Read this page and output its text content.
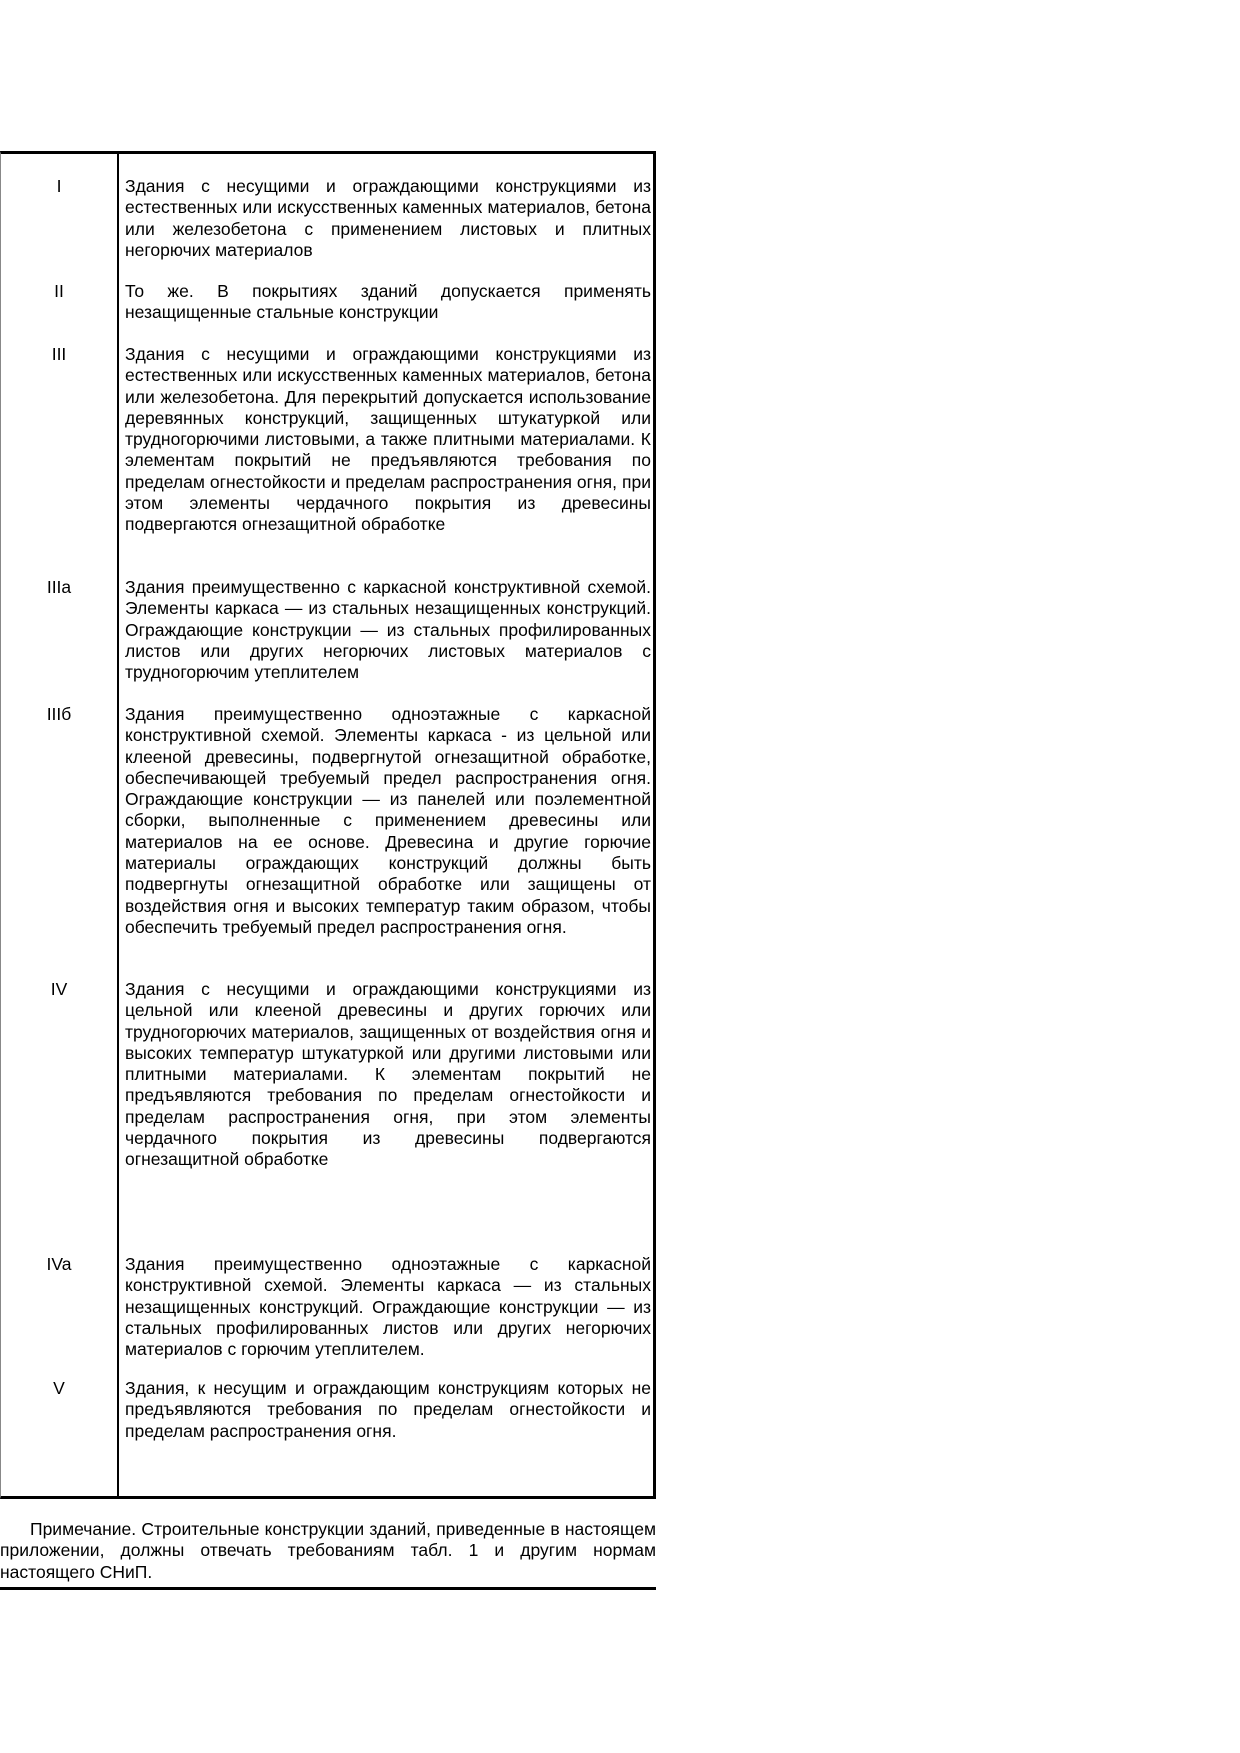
I	Здания с несущими и ограждающими конструкциями из естественных или искусственных каменных материалов, бетона или железобетона с применением листовых и плитных негорючих материалов
II	То же. В покрытиях зданий допускается применять незащищенные стальные конструкции
III	Здания с несущими и ограждающими конструкциями из естественных или искусственных каменных материалов, бетона или железобетона. Для перекрытий допускается использование деревянных конструкций, защищенных штукатуркой или трудногорючими листовыми, а также плитными материалами. К элементам покрытий не предъявляются требования по пределам огнестойкости и пределам распространения огня, при этом элементы чердачного покрытия из древесины подвергаются огнезащитной обработке
IIIa	Здания преимущественно с каркасной конструктивной схемой. Элементы каркаса — из стальных незащищенных конструкций. Ограждающие конструкции — из стальных профилированных листов или других негорючих листовых материалов с трудногорючим утеплителем
IIIб	Здания преимущественно одноэтажные с каркасной конструктивной схемой. Элементы каркаса - из цельной или клееной древесины, подвергнутой огнезащитной обработке, обеспечивающей требуемый предел распространения огня. Ограждающие конструкции — из панелей или поэлементной сборки, выполненные с применением древесины или материалов на ее основе. Древесина и другие горючие материалы ограждающих конструкций должны быть подвергнуты огнезащитной обработке или защищены от воздействия огня и высоких температур таким образом, чтобы обеспечить требуемый предел распространения огня.
IV	Здания с несущими и ограждающими конструкциями из цельной или клееной древесины и других горючих или трудногорючих материалов, защищенных от воздействия огня и высоких температур штукатуркой или другими листовыми или плитными материалами. К элементам покрытий не предъявляются требования по пределам огнестойкости и пределам распространения огня, при этом элементы чердачного покрытия из древесины подвергаются огнезащитной обработке
IVa	Здания преимущественно одноэтажные с каркасной конструктивной схемой. Элементы каркаса — из стальных незащищенных конструкций. Ограждающие конструкции — из стальных профилированных листов или других негорючих материалов с горючим утеплителем.
V	Здания, к несущим и ограждающим конструкциям которых не предъявляются требования по пределам огнестойкости и пределам распространения огня.

Примечание. Строительные конструкции зданий, приведенные в настоящем приложении, должны отвечать требованиям табл. 1 и другим нормам настоящего СНиП.
